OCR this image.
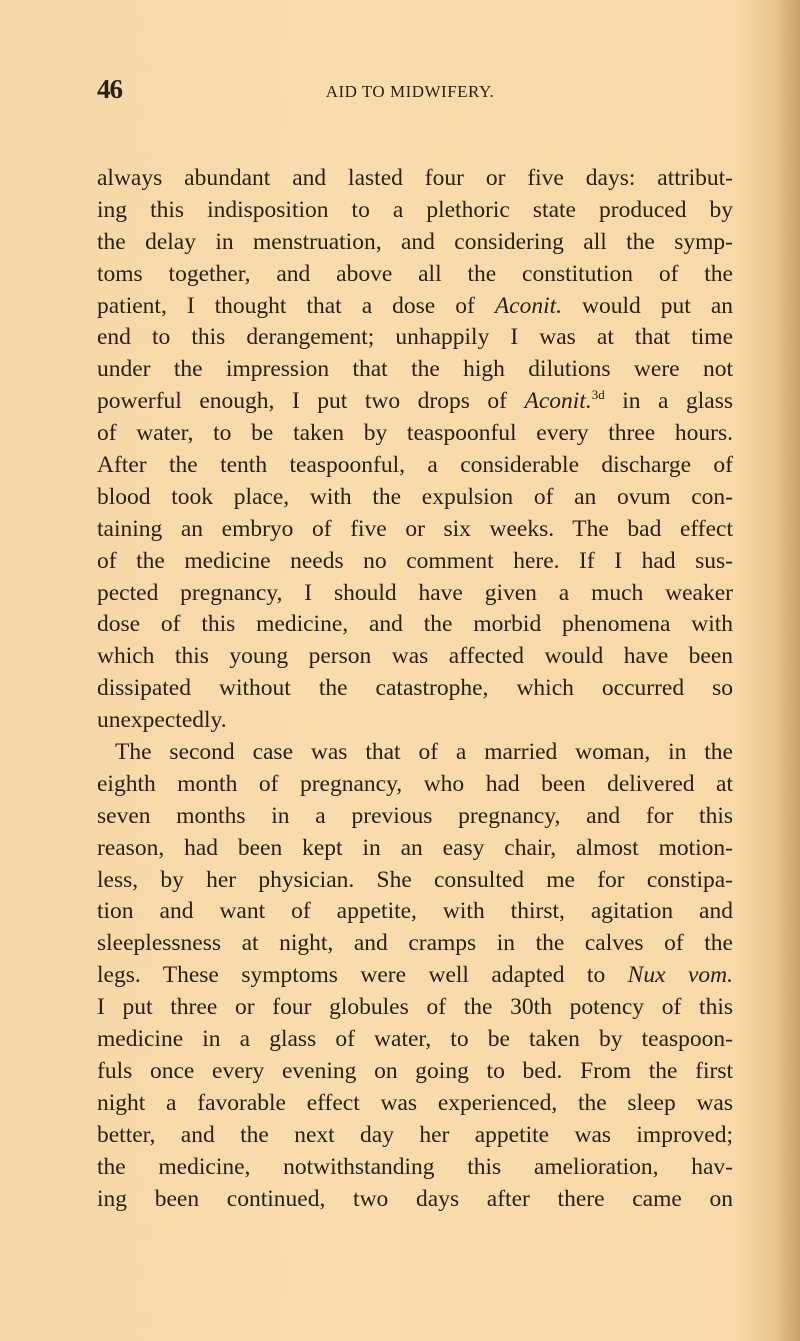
46	AID TO MIDWIFERY.
always abundant and lasted four or five days: attribut-
ing this indisposition to a plethoric state produced by
the delay in menstruation, and considering all the symp-
toms together, and above all the constitution of the
patient, I thought that a dose of Aconit. would put an
end to this derangement; unhappily I was at that time
under the impression that the high dilutions were not
powerful enough, I put two drops of Aconit.$^{3d}$ in a glass
of water, to be taken by teaspoonful every three hours.
After the tenth teaspoonful, a considerable discharge of
blood took place, with the expulsion of an ovum con-
taining an embryo of five or six weeks. The bad effect
of the medicine needs no comment here. If I had sus-
pected pregnancy, I should have given a much weaker
dose of this medicine, and the morbid phenomena with
which this young person was affected would have been
dissipated without the catastrophe, which occurred so
unexpectedly.
The second case was that of a married woman, in the
eighth month of pregnancy, who had been delivered at
seven months in a previous pregnancy, and for this
reason, had been kept in an easy chair, almost motion-
less, by her physician. She consulted me for constipa-
tion and want of appetite, with thirst, agitation and
sleeplessness at night, and cramps in the calves of the
legs. These symptoms were well adapted to Nux vom.
I put three or four globules of the 30th potency of this
medicine in a glass of water, to be taken by teaspoon-
fuls once every evening on going to bed. From the first
night a favorable effect was experienced, the sleep was
better, and the next day her appetite was improved;
the medicine, notwithstanding this amelioration, hav-
ing been continued, two days after there came on
